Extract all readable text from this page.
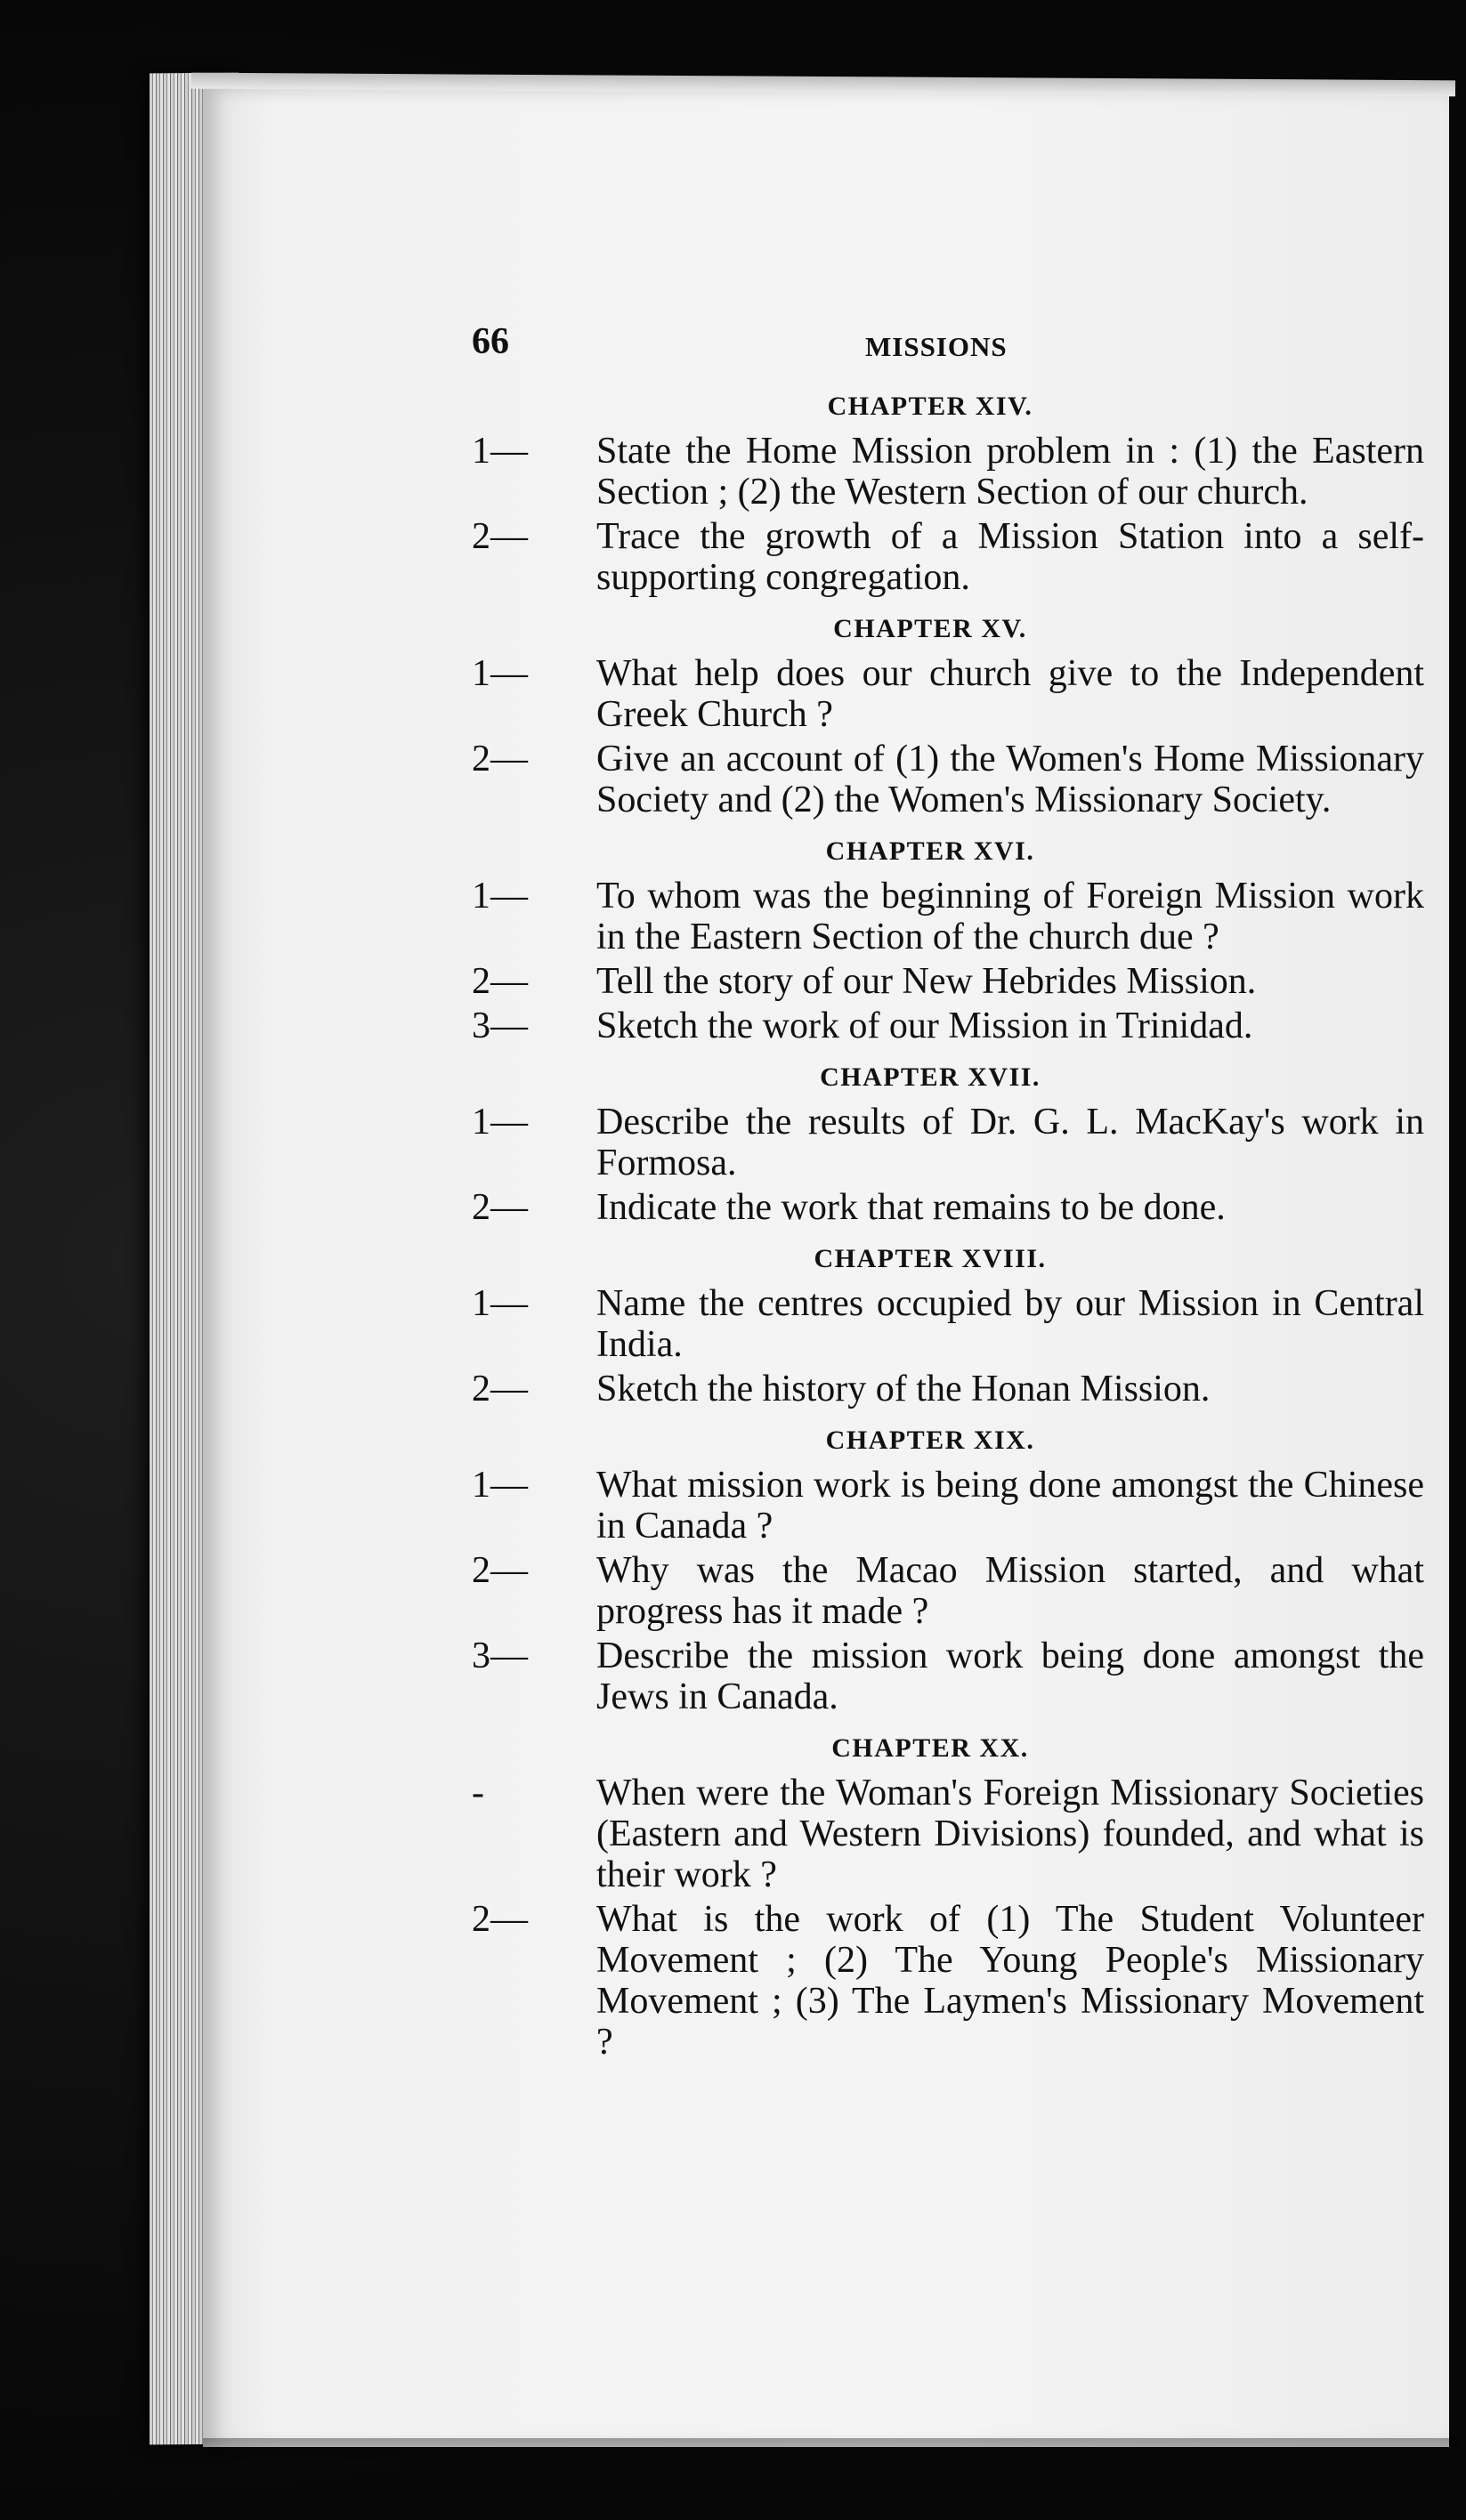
66	MISSIONS
CHAPTER XIV.

1— State the Home Mission problem in : (1) the Eastern Section ; (2) the Western Section of our church.

2— Trace the growth of a Mission Station into a self-supporting congregation.

CHAPTER XV.

1— What help does our church give to the Independent Greek Church ?

2— Give an account of (1) the Women's Home Missionary Society and (2) the Women's Missionary Society.

CHAPTER XVI.

1— To whom was the beginning of Foreign Mission work in the Eastern Section of the church due ?

2— Tell the story of our New Hebrides Mission.

3— Sketch the work of our Mission in Trinidad.

CHAPTER XVII.

1— Describe the results of Dr. G. L. MacKay's work in Formosa.

2— Indicate the work that remains to be done.

CHAPTER XVIII.

1— Name the centres occupied by our Mission in Central India.

2— Sketch the history of the Honan Mission.

CHAPTER XIX.

1— What mission work is being done amongst the Chinese in Canada ?

2— Why was the Macao Mission started, and what progress has it made ?

3— Describe the mission work being done amongst the Jews in Canada.

CHAPTER XX.

-	When were the Woman's Foreign Missionary Societies (Eastern and Western Divisions) founded, and what is their work ?

2— What is the work of (1) The Student Volunteer Movement ; (2) The Young People's Missionary Movement ; (3) The Laymen's Missionary Movement ?
